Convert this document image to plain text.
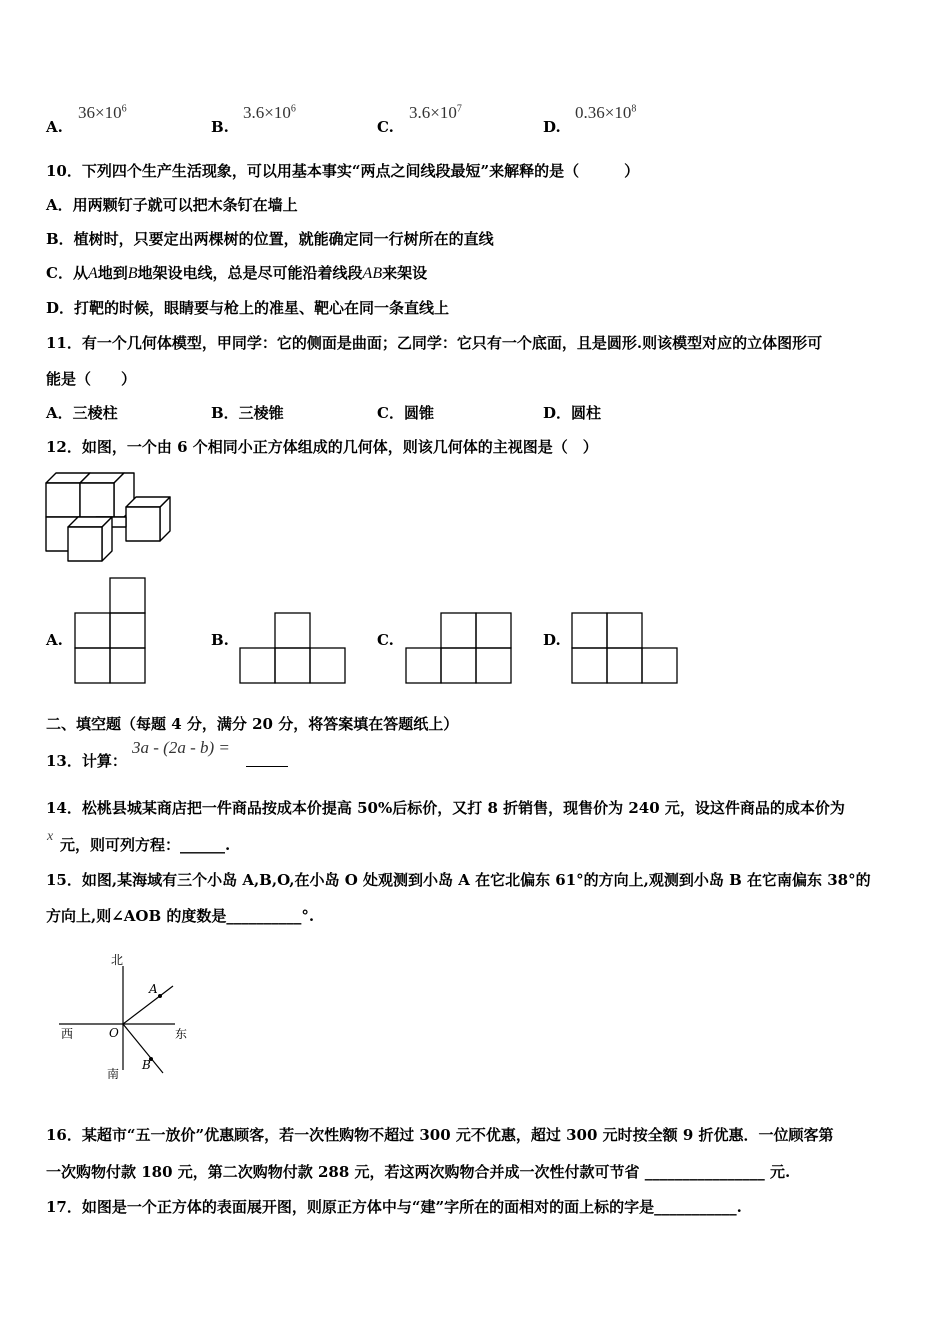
A.
$36\times 10^6$
B.
$3.6\times 10^6$
C.
$3.6\times 10^7$
D.
$0.36\times 10^8$
10．下列四个生产生活现象，可以用基本事实“两点之间线段最短”来解释的是（　　　）
A．用两颗钉子就可以把木条钉在墙上
B．植树时，只要定出两棵树的位置，就能确定同一行树所在的直线
C．从A地到B地架设电线，总是尽可能沿着线段AB来架设
D．打靶的时候，眼睛要与枪上的准星、靶心在同一条直线上
11．有一个几何体模型，甲同学：它的侧面是曲面；乙同学：它只有一个底面，且是圆形.则该模型对应的立体图形可
能是（　　）
A．三棱柱	B．三棱锥	C．圆锥	D．圆柱
12．如图，一个由 6 个相同小正方体组成的几何体，则该几何体的主视图是（　）
A.	B.	C.	D.
二、填空题（每题 4 分，满分 20 分，将答案填在答题纸上）
13．计算：
3a - (2a - b) =
14．松桃县城某商店把一件商品按成本价提高 50%后标价，又打 8 折销售，现售价为 240 元，设这件商品的成本价为
x 元，则可列方程：______.
15．如图,某海域有三个小岛 A,B,O,在小岛 O 处观测到小岛 A 在它北偏东 61°的方向上,观测到小岛 B 在它南偏东 38°的
方向上,则∠AOB 的度数是__________°.
北
南
东
西	O
A
B
16．某超市“五一放价”优惠顾客，若一次性购物不超过 300 元不优惠，超过 300 元时按全额 9 折优惠．一位顾客第
一次购物付款 180 元，第二次购物付款 288 元，若这两次购物合并成一次性付款可节省 ________________ 元.
17．如图是一个正方体的表面展开图，则原正方体中与“建”字所在的面相对的面上标的字是___________.
